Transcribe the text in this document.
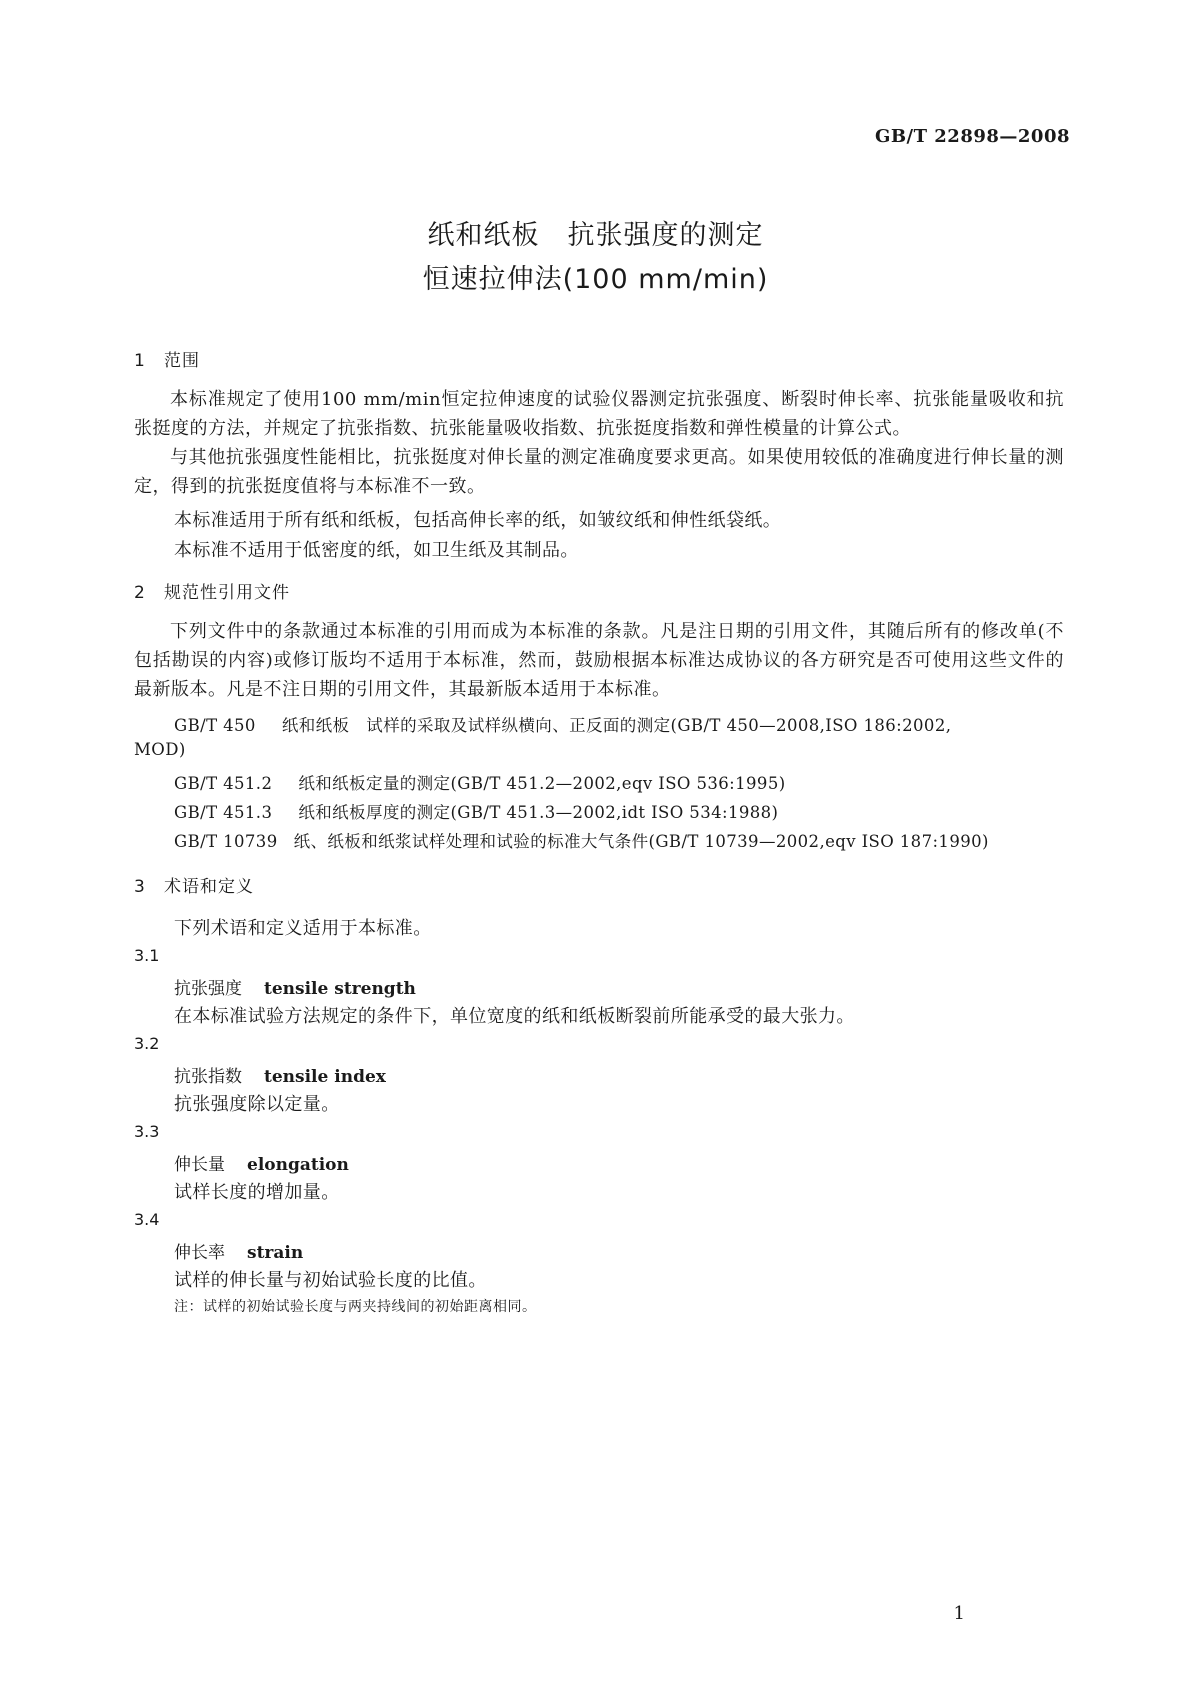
GB/T 22898—2008
纸和纸板　抗张强度的测定
恒速拉伸法(100 mm/min)
1 范围
本标准规定了使用100 mm/min恒定拉伸速度的试验仪器测定抗张强度、断裂时伸长率、抗张能量吸收和抗张挺度的方法，并规定了抗张指数、抗张能量吸收指数、抗张挺度指数和弹性模量的计算公式。
与其他抗张强度性能相比，抗张挺度对伸长量的测定准确度要求更高。如果使用较低的准确度进行伸长量的测定，得到的抗张挺度值将与本标准不一致。
本标准适用于所有纸和纸板，包括高伸长率的纸，如皱纹纸和伸性纸袋纸。
本标准不适用于低密度的纸，如卫生纸及其制品。
2 规范性引用文件
下列文件中的条款通过本标准的引用而成为本标准的条款。凡是注日期的引用文件，其随后所有的修改单(不包括勘误的内容)或修订版均不适用于本标准，然而，鼓励根据本标准达成协议的各方研究是否可使用这些文件的最新版本。凡是不注日期的引用文件，其最新版本适用于本标准。
GB/T 450 纸和纸板　试样的采取及试样纵横向、正反面的测定(GB/T 450—2008,ISO 186:2002,
MOD)
GB/T 451.2 纸和纸板定量的测定(GB/T 451.2—2002,eqv ISO 536:1995)
GB/T 451.3 纸和纸板厚度的测定(GB/T 451.3—2002,idt ISO 534:1988)
GB/T 10739 纸、纸板和纸浆试样处理和试验的标准大气条件(GB/T 10739—2002,eqv ISO 187:1990)
3 术语和定义
下列术语和定义适用于本标准。
3.1
抗张强度 tensile strength
在本标准试验方法规定的条件下，单位宽度的纸和纸板断裂前所能承受的最大张力。
3.2
抗张指数 tensile index
抗张强度除以定量。
3.3
伸长量 elongation
试样长度的增加量。
3.4
伸长率 strain
试样的伸长量与初始试验长度的比值。
注：试样的初始试验长度与两夹持线间的初始距离相同。
1
